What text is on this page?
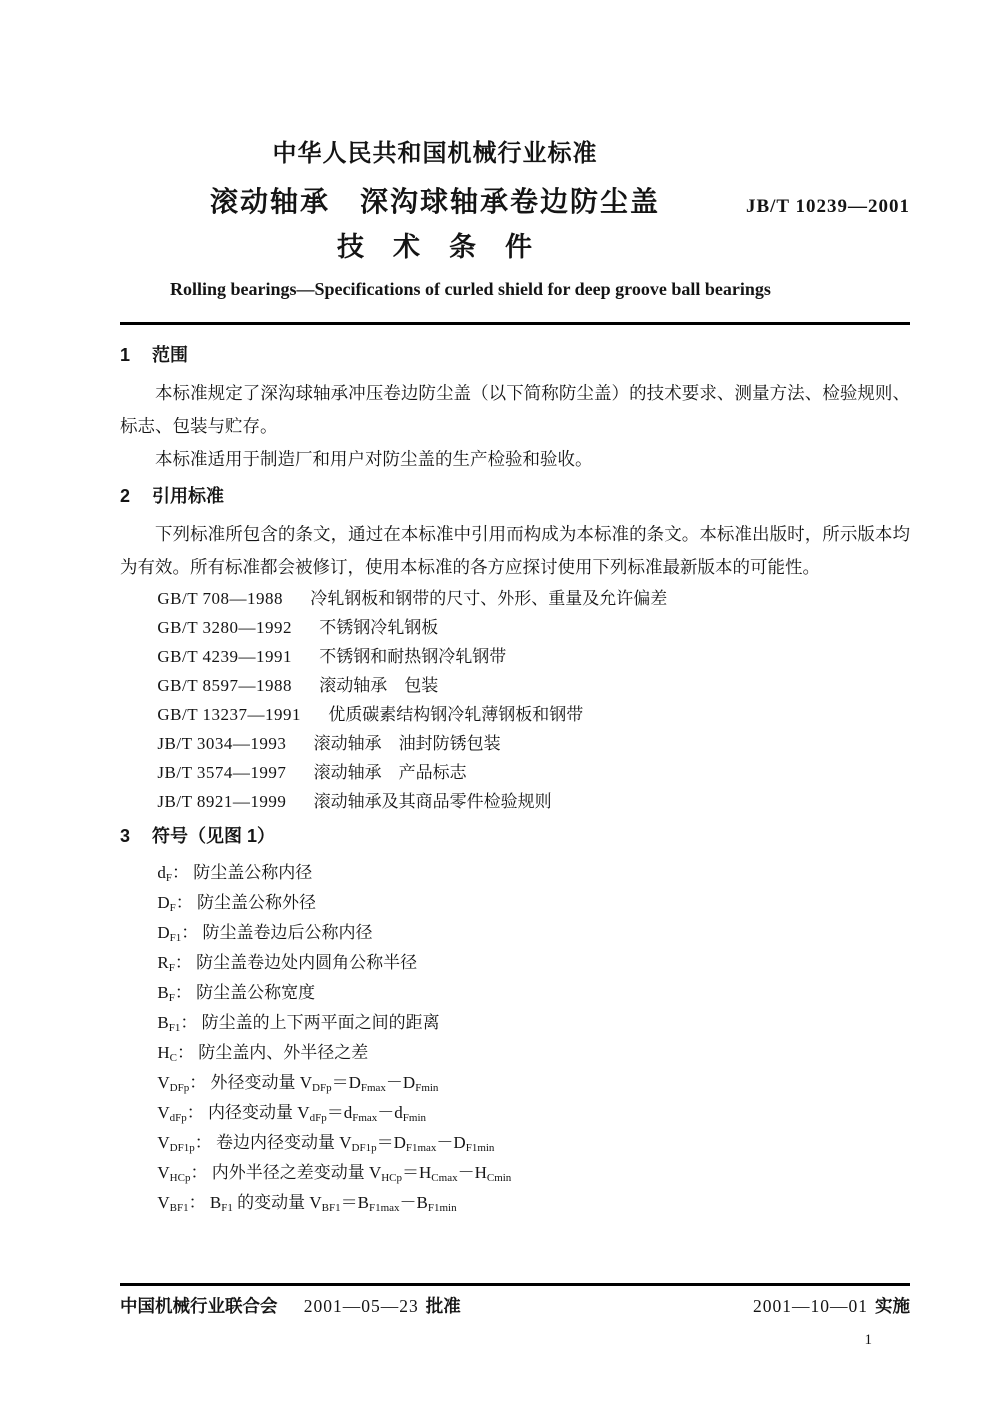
中华人民共和国机械行业标准
滚动轴承　深沟球轴承卷边防尘盖	JB/T 10239—2001
技　术　条　件
Rolling bearings—Specifications of curled shield for deep groove ball bearings
1 范围

本标准规定了深沟球轴承冲压卷边防尘盖（以下简称防尘盖）的技术要求、测量方法、检验规则、标志、包装与贮存。

本标准适用于制造厂和用户对防尘盖的生产检验和验收。

2 引用标准

下列标准所包含的条文，通过在本标准中引用而构成为本标准的条文。本标准出版时，所示版本均为有效。所有标准都会被修订，使用本标准的各方应探讨使用下列标准最新版本的可能性。

GB/T 708—1988 冷轧钢板和钢带的尺寸、外形、重量及允许偏差
GB/T 3280—1992 不锈钢冷轧钢板
GB/T 4239—1991 不锈钢和耐热钢冷轧钢带
GB/T 8597—1988 滚动轴承　包装
GB/T 13237—1991 优质碳素结构钢冷轧薄钢板和钢带
JB/T 3034—1993 滚动轴承　油封防锈包装
JB/T 3574—1997 滚动轴承　产品标志
JB/T 8921—1999 滚动轴承及其商品零件检验规则
3 符号（见图 1）
$d_F$： 防尘盖公称内径
$D_F$： 防尘盖公称外径
$D_{F1}$： 防尘盖卷边后公称内径
$R_F$： 防尘盖卷边处内圆角公称半径
$B_F$： 防尘盖公称宽度
$B_{F1}$： 防尘盖的上下两平面之间的距离
$H_C$： 防尘盖内、外半径之差
$V_{DFp}$： 外径变动量 $V_{DFp}=D_{Fmax}-D_{Fmin}$
$V_{dFp}$： 内径变动量 $V_{dFp}=d_{Fmax}-d_{Fmin}$
$V_{DF1p}$： 卷边内径变动量 $V_{DF1p}=D_{F1max}-D_{F1min}$
$V_{HCp}$： 内外半径之差变动量 $V_{HCp}=H_{Cmax}-H_{Cmin}$
$V_{BF1}$： $B_{F1}$ 的变动量 $V_{BF1}=B_{F1max}-B_{F1min}$
中国机械行业联合会 2001—05—23 批准	2001—10—01 实施
1
